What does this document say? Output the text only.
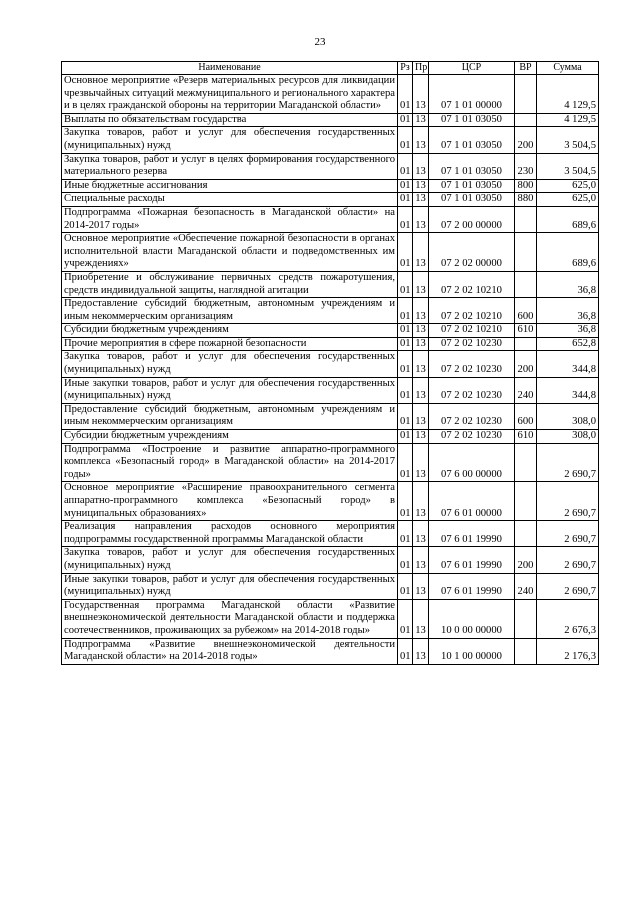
23
Наименование	Рз	Пр	ЦСР	ВР	Сумма
Основное мероприятие «Резерв материальных ресурсов для ликвидации чрезвычайных ситуаций межмуниципального и регионального характера и в целях гражданской обороны на территории Магаданской области»	01	13	07 1 01 00000		4 129,5
Выплаты по обязательствам государства	01	13	07 1 01 03050		4 129,5
Закупка товаров, работ и услуг для обеспечения государственных (муниципальных) нужд	01	13	07 1 01 03050	200	3 504,5
Закупка товаров, работ и услуг в целях формирования государственного материального резерва	01	13	07 1 01 03050	230	3 504,5
Иные бюджетные ассигнования	01	13	07 1 01 03050	800	625,0
Специальные расходы	01	13	07 1 01 03050	880	625,0
Подпрограмма «Пожарная безопасность в Магаданской области» на 2014-2017 годы»	01	13	07 2 00 00000		689,6
Основное мероприятие «Обеспечение пожарной безопасности в органах исполнительной власти Магаданской области и подведомственных им учреждениях»	01	13	07 2 02 00000		689,6
Приобретение и обслуживание первичных средств пожаротушения, средств индивидуальной защиты, наглядной агитации	01	13	07 2 02 10210		36,8
Предоставление субсидий бюджетным, автономным учреждениям и иным некоммерческим организациям	01	13	07 2 02 10210	600	36,8
Субсидии бюджетным учреждениям	01	13	07 2 02 10210	610	36,8
Прочие мероприятия в сфере пожарной безопасности	01	13	07 2 02 10230		652,8
Закупка товаров, работ и услуг для обеспечения государственных (муниципальных) нужд	01	13	07 2 02 10230	200	344,8
Иные закупки товаров, работ и услуг для обеспечения государственных (муниципальных) нужд	01	13	07 2 02 10230	240	344,8
Предоставление субсидий бюджетным, автономным учреждениям и иным некоммерческим организациям	01	13	07 2 02 10230	600	308,0
Субсидии бюджетным учреждениям	01	13	07 2 02 10230	610	308,0
Подпрограмма «Построение и развитие аппаратно-программного комплекса «Безопасный город» в Магаданской области» на 2014-2017 годы»	01	13	07 6 00 00000		2 690,7
Основное мероприятие «Расширение правоохранительного сегмента аппаратно-программного комплекса «Безопасный город» в муниципальных образованиях»	01	13	07 6 01 00000		2 690,7
Реализация направления расходов основного мероприятия подпрограммы государственной программы Магаданской области	01	13	07 6 01 19990		2 690,7
Закупка товаров, работ и услуг для обеспечения государственных (муниципальных) нужд	01	13	07 6 01 19990	200	2 690,7
Иные закупки товаров, работ и услуг для обеспечения государственных (муниципальных) нужд	01	13	07 6 01 19990	240	2 690,7
Государственная программа Магаданской области «Развитие внешнеэкономической деятельности Магаданской области и поддержка соотечественников, проживающих за рубежом» на 2014-2018 годы»	01	13	10 0 00 00000		2 676,3
Подпрограмма «Развитие внешнеэкономической деятельности Магаданской области» на 2014-2018 годы»	01	13	10 1 00 00000		2 176,3
